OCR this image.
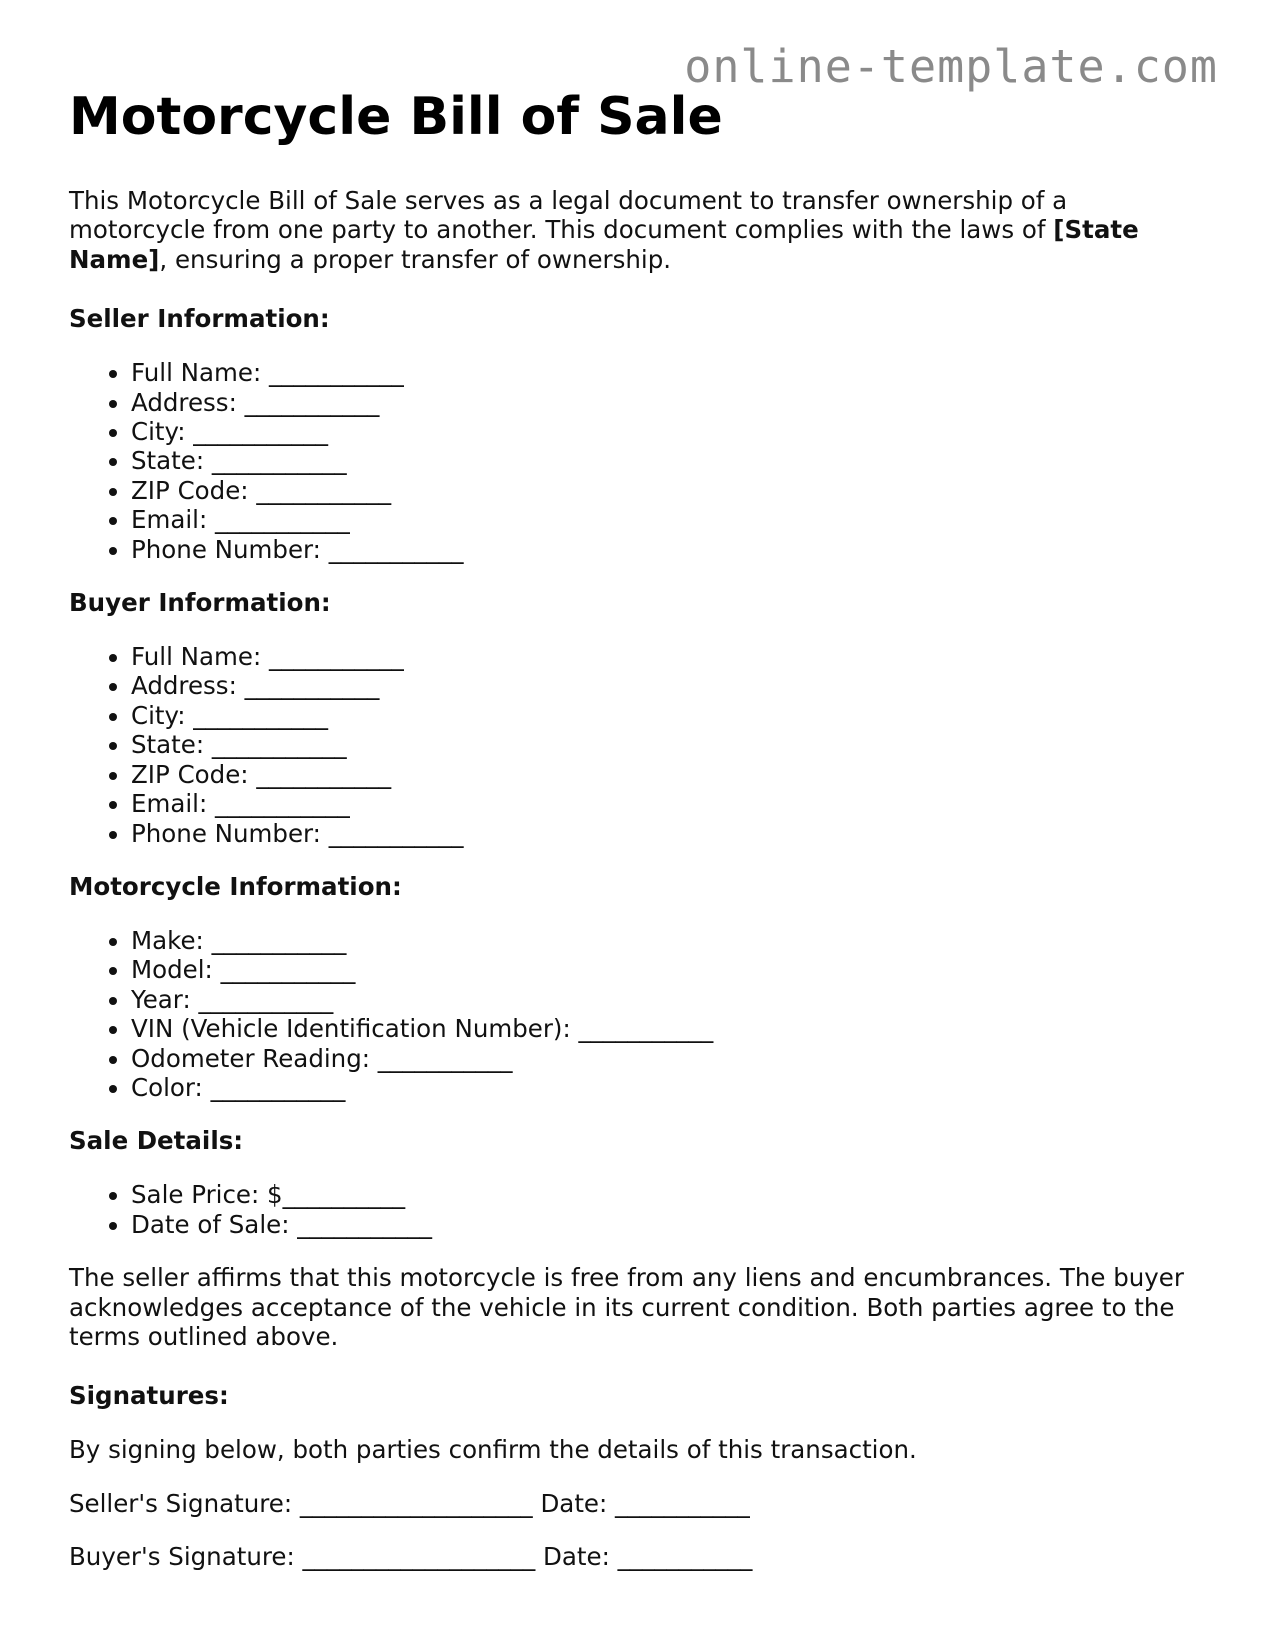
online-template.com
Motorcycle Bill of Sale

This Motorcycle Bill of Sale serves as a legal document to transfer ownership of a motorcycle from one party to another. This document complies with the laws of [State Name], ensuring a proper transfer of ownership.

Seller Information:
• Full Name: ___________
• Address: ___________
• City: ___________
• State: ___________
• ZIP Code: ___________
• Email: ___________
• Phone Number: ___________
Buyer Information:
• Full Name: ___________
• Address: ___________
• City: ___________
• State: ___________
• ZIP Code: ___________
• Email: ___________
• Phone Number: ___________
Motorcycle Information:
• Make: ___________
• Model: ___________
• Year: ___________
• VIN (Vehicle Identification Number): ___________
• Odometer Reading: ___________
• Color: ___________
Sale Details:
• Sale Price: $__________
• Date of Sale: ___________

The seller affirms that this motorcycle is free from any liens and encumbrances. The buyer acknowledges acceptance of the vehicle in its current condition. Both parties agree to the terms outlined above.

Signatures:

By signing below, both parties confirm the details of this transaction.

Seller's Signature: ___________________ Date: ___________

Buyer's Signature: ___________________ Date: ___________
